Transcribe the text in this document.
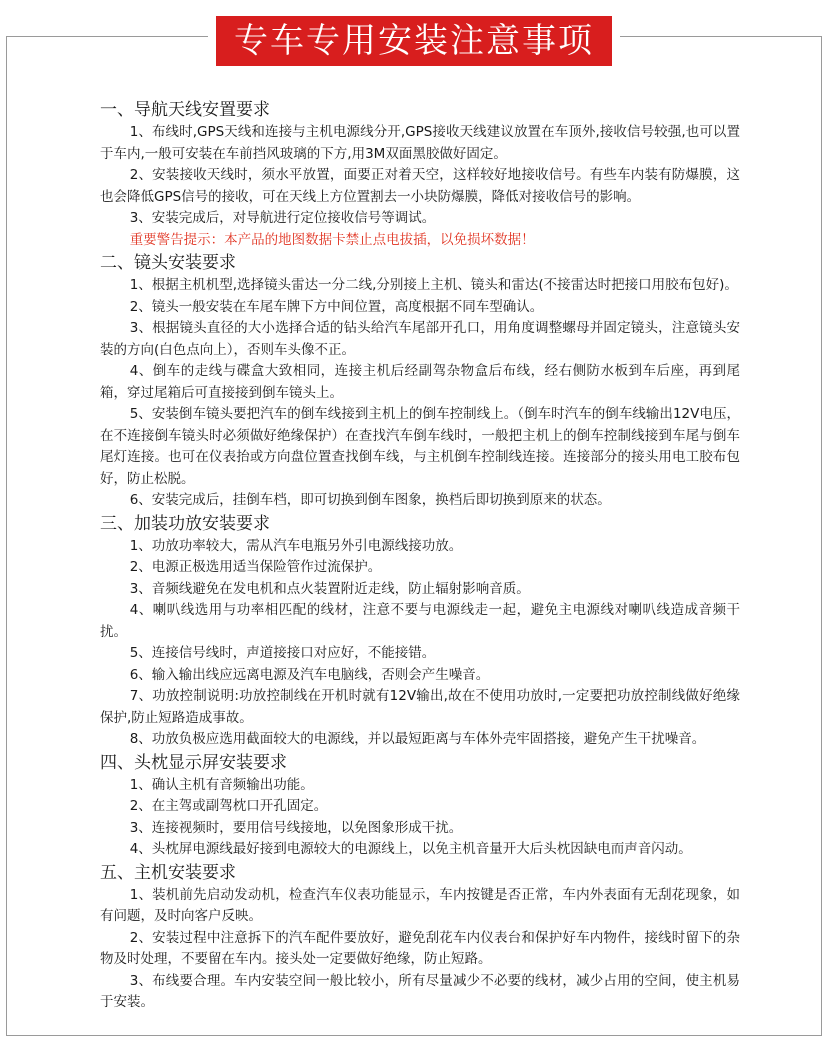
专车专用安装注意事项
一、导航天线安置要求

1、布线时,GPS天线和连接与主机电源线分开,GPS接收天线建议放置在车顶外,接收信号较强,也可以置于车内,一般可安装在车前挡风玻璃的下方,用3M双面黑胶做好固定。

2、安装接收天线时，须水平放置，面要正对着天空，这样较好地接收信号。有些车内装有防爆膜，这也会降低GPS信号的接收，可在天线上方位置割去一小块防爆膜，降低对接收信号的影响。

3、安装完成后，对导航进行定位接收信号等调试。

重要警告提示：本产品的地图数据卡禁止点电拔插，以免损坏数据！

二、镜头安装要求

1、根据主机机型,选择镜头雷达一分二线,分别接上主机、镜头和雷达(不接雷达时把接口用胶布包好)。

2、镜头一般安装在车尾车牌下方中间位置，高度根据不同车型确认。

3、根据镜头直径的大小选择合适的钻头给汽车尾部开孔口，用角度调整螺母并固定镜头，注意镜头安装的方向(白色点向上），否则车头像不正。

4、倒车的走线与碟盒大致相同，连接主机后经副驾杂物盒后布线，经右侧防水板到车后座，再到尾箱，穿过尾箱后可直接接到倒车镜头上。

5、安装倒车镜头要把汽车的倒车线接到主机上的倒车控制线上。（倒车时汽车的倒车线输出12V电压，在不连接倒车镜头时必须做好绝缘保护）在查找汽车倒车线时，一般把主机上的倒车控制线接到车尾与倒车尾灯连接。也可在仪表抬或方向盘位置查找倒车线，与主机倒车控制线连接。连接部分的接头用电工胶布包好，防止松脱。

6、安装完成后，挂倒车档，即可切换到倒车图象，换档后即切换到原来的状态。

三、加装功放安装要求

1、功放功率较大，需从汽车电瓶另外引电源线接功放。

2、电源正极选用适当保险管作过流保护。

3、音频线避免在发电机和点火装置附近走线，防止辐射影响音质。

4、喇叭线选用与功率相匹配的线材，注意不要与电源线走一起，避免主电源线对喇叭线造成音频干扰。

5、连接信号线时，声道接接口对应好，不能接错。

6、输入输出线应远离电源及汽车电脑线，否则会产生噪音。

7、功放控制说明:功放控制线在开机时就有12V输出,故在不使用功放时,一定要把功放控制线做好绝缘保护,防止短路造成事故。

8、功放负极应选用截面较大的电源线，并以最短距离与车体外壳牢固搭接，避免产生干扰噪音。

四、头枕显示屏安装要求

1、确认主机有音频输出功能。

2、在主驾或副驾枕口开孔固定。

3、连接视频时，要用信号线接地，以免图象形成干扰。

4、头枕屏电源线最好接到电源较大的电源线上，以免主机音量开大后头枕因缺电而声音闪动。

五、主机安装要求

1、装机前先启动发动机，检查汽车仪表功能显示，车内按键是否正常，车内外表面有无刮花现象，如有问题，及时向客户反映。

2、安装过程中注意拆下的汽车配件要放好，避免刮花车内仪表台和保护好车内物件，接线时留下的杂物及时处理，不要留在车内。接头处一定要做好绝缘，防止短路。

3、布线要合理。车内安装空间一般比较小，所有尽量减少不必要的线材，减少占用的空间，使主机易于安装。
